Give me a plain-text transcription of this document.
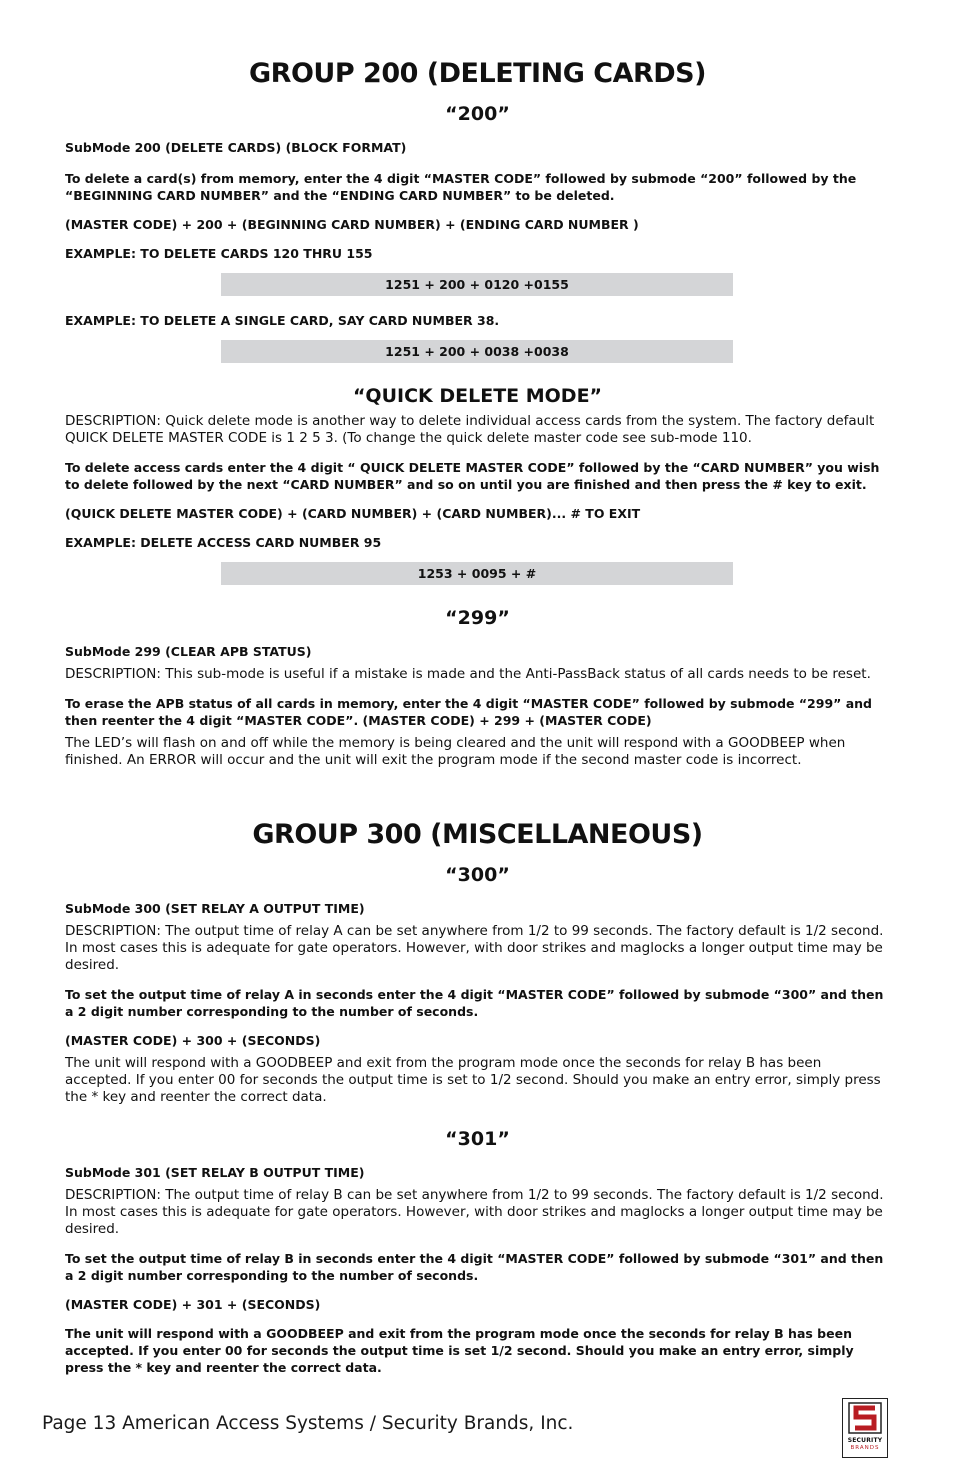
GROUP 200 (DELETING CARDS)
“200”
SubMode 200 (DELETE CARDS) (BLOCK FORMAT)

To delete a card(s) from memory, enter the 4 digit “MASTER CODE” followed by submode “200” followed by the “BEGINNING CARD NUMBER” and the “ENDING CARD NUMBER” to be deleted.

(MASTER CODE) + 200 + (BEGINNING CARD NUMBER) + (ENDING CARD NUMBER )

EXAMPLE: TO DELETE CARDS 120 THRU 155

1251 + 200 + 0120 +0155

EXAMPLE: TO DELETE A SINGLE CARD, SAY CARD NUMBER 38.

1251 + 200 + 0038 +0038
“QUICK DELETE MODE”
DESCRIPTION: Quick delete mode is another way to delete individual access cards from the system. The factory default QUICK DELETE MASTER CODE is 1 2 5 3. (To change the quick delete master code see sub-mode 110.

To delete access cards enter the 4 digit “ QUICK DELETE MASTER CODE” followed by the “CARD NUMBER” you wish to delete followed by the next “CARD NUMBER” and so on until you are finished and then press the # key to exit.

(QUICK DELETE MASTER CODE) + (CARD NUMBER) + (CARD NUMBER)... # TO EXIT

EXAMPLE: DELETE ACCESS CARD NUMBER 95

1253 + 0095 + #
“299”
SubMode 299 (CLEAR APB STATUS)
DESCRIPTION: This sub-mode is useful if a mistake is made and the Anti-PassBack status of all cards needs to be reset.

To erase the APB status of all cards in memory, enter the 4 digit “MASTER CODE” followed by submode “299” and then reenter the 4 digit “MASTER CODE”. (MASTER CODE) + 299 + (MASTER CODE)

The LED’s will flash on and off while the memory is being cleared and the unit will respond with a GOODBEEP when finished. An ERROR will occur and the unit will exit the program mode if the second master code is incorrect.
GROUP 300 (MISCELLANEOUS)
“300”
SubMode 300 (SET RELAY A OUTPUT TIME)
DESCRIPTION: The output time of relay A can be set anywhere from 1/2 to 99 seconds. The factory default is 1/2 second. In most cases this is adequate for gate operators. However, with door strikes and maglocks a longer output time may be desired.

To set the output time of relay A in seconds enter the 4 digit “MASTER CODE” followed by submode “300” and then a 2 digit number corresponding to the number of seconds.

(MASTER CODE) + 300 + (SECONDS)

The unit will respond with a GOODBEEP and exit from the program mode once the seconds for relay B has been accepted. If you enter 00 for seconds the output time is set to 1/2 second. Should you make an entry error, simply press the * key and reenter the correct data.
“301”
SubMode 301 (SET RELAY B OUTPUT TIME)
DESCRIPTION: The output time of relay B can be set anywhere from 1/2 to 99 seconds. The factory default is 1/2 second. In most cases this is adequate for gate operators. However, with door strikes and maglocks a longer output time may be desired.

To set the output time of relay B in seconds enter the 4 digit “MASTER CODE” followed by submode “301” and then a 2 digit number corresponding to the number of seconds.

(MASTER CODE) + 301 + (SECONDS)

The unit will respond with a GOODBEEP and exit from the program mode once the seconds for relay B has been accepted. If you enter 00 for seconds the output time is set 1/2 second. Should you make an entry error, simply press the * key and reenter the correct data.

Page 13 American Access Systems / Security Brands, Inc.
SECURITY
BRANDS
